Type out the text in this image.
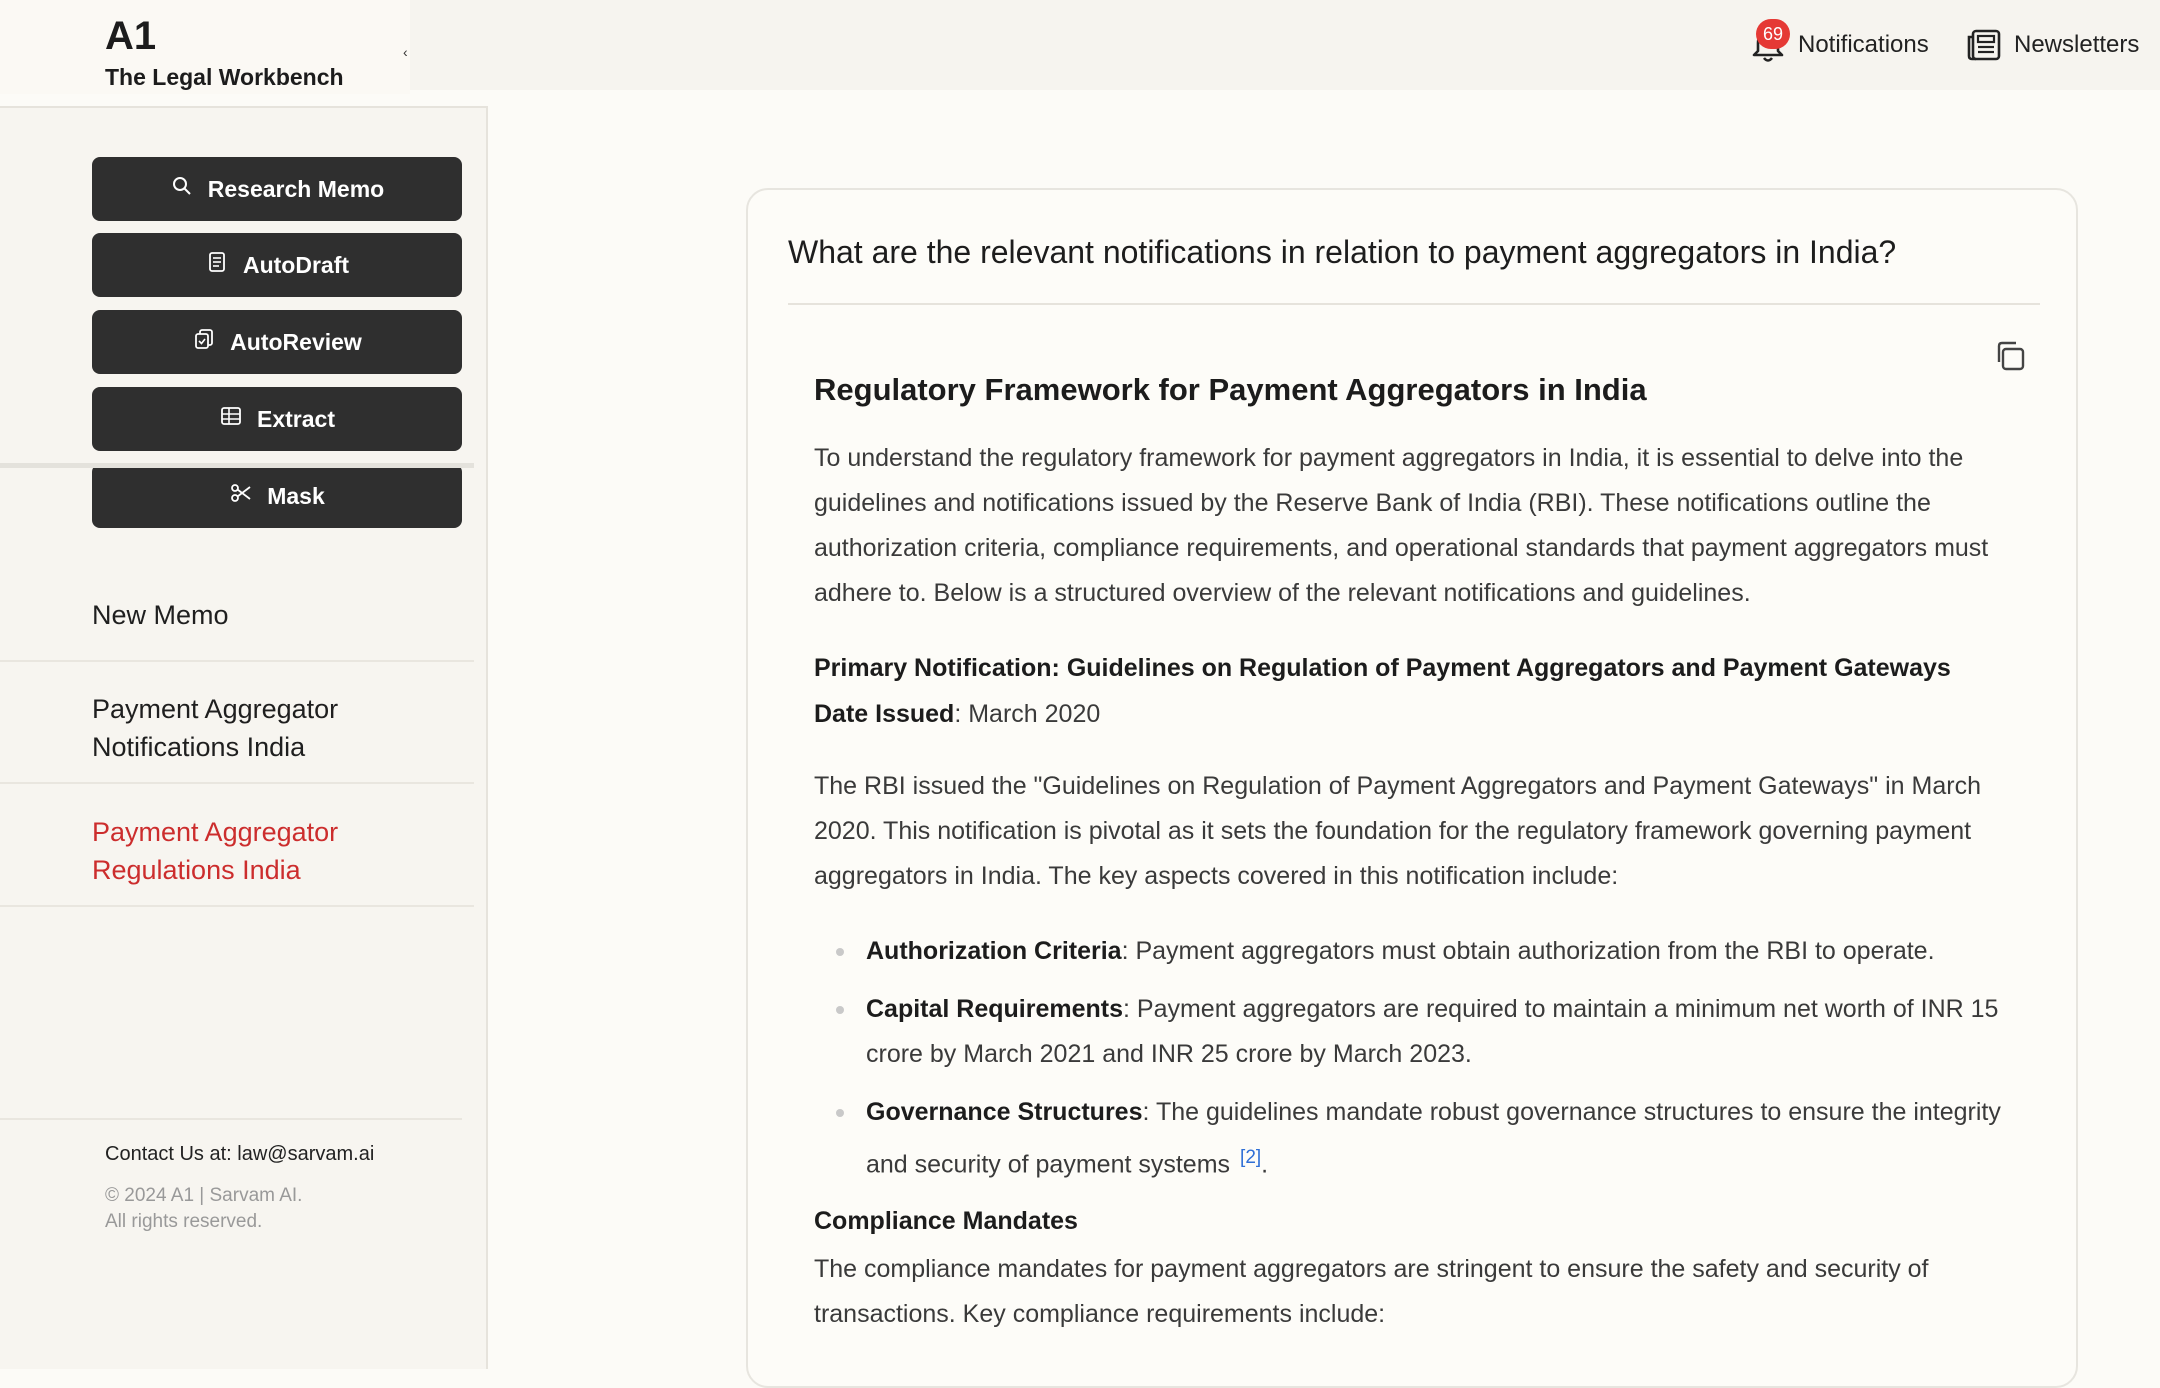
A1
The Legal Workbench
‹
69 Notifications	Newsletters
Research Memo
AutoDraft
AutoReview
Extract
Mask
New Memo
Payment Aggregator Notifications India
Payment Aggregator Regulations India
Contact Us at: law@sarvam.ai
© 2024 A1 | Sarvam AI.
All rights reserved.
What are the relevant notifications in relation to payment aggregators in India?
Regulatory Framework for Payment Aggregators in India

To understand the regulatory framework for payment aggregators in India, it is essential to delve into the guidelines and notifications issued by the Reserve Bank of India (RBI). These notifications outline the authorization criteria, compliance requirements, and operational standards that payment aggregators must adhere to. Below is a structured overview of the relevant notifications and guidelines.

Primary Notification: Guidelines on Regulation of Payment Aggregators and Payment Gateways

Date Issued: March 2020

The RBI issued the "Guidelines on Regulation of Payment Aggregators and Payment Gateways" in March 2020. This notification is pivotal as it sets the foundation for the regulatory framework governing payment aggregators in India. The key aspects covered in this notification include:

Authorization Criteria: Payment aggregators must obtain authorization from the RBI to operate.
Capital Requirements: Payment aggregators are required to maintain a minimum net worth of INR 15 crore by March 2021 and INR 25 crore by March 2023.
Governance Structures: The guidelines mandate robust governance structures to ensure the integrity and security of payment systems [2].
Compliance Mandates

The compliance mandates for payment aggregators are stringent to ensure the safety and security of transactions. Key compliance requirements include:
